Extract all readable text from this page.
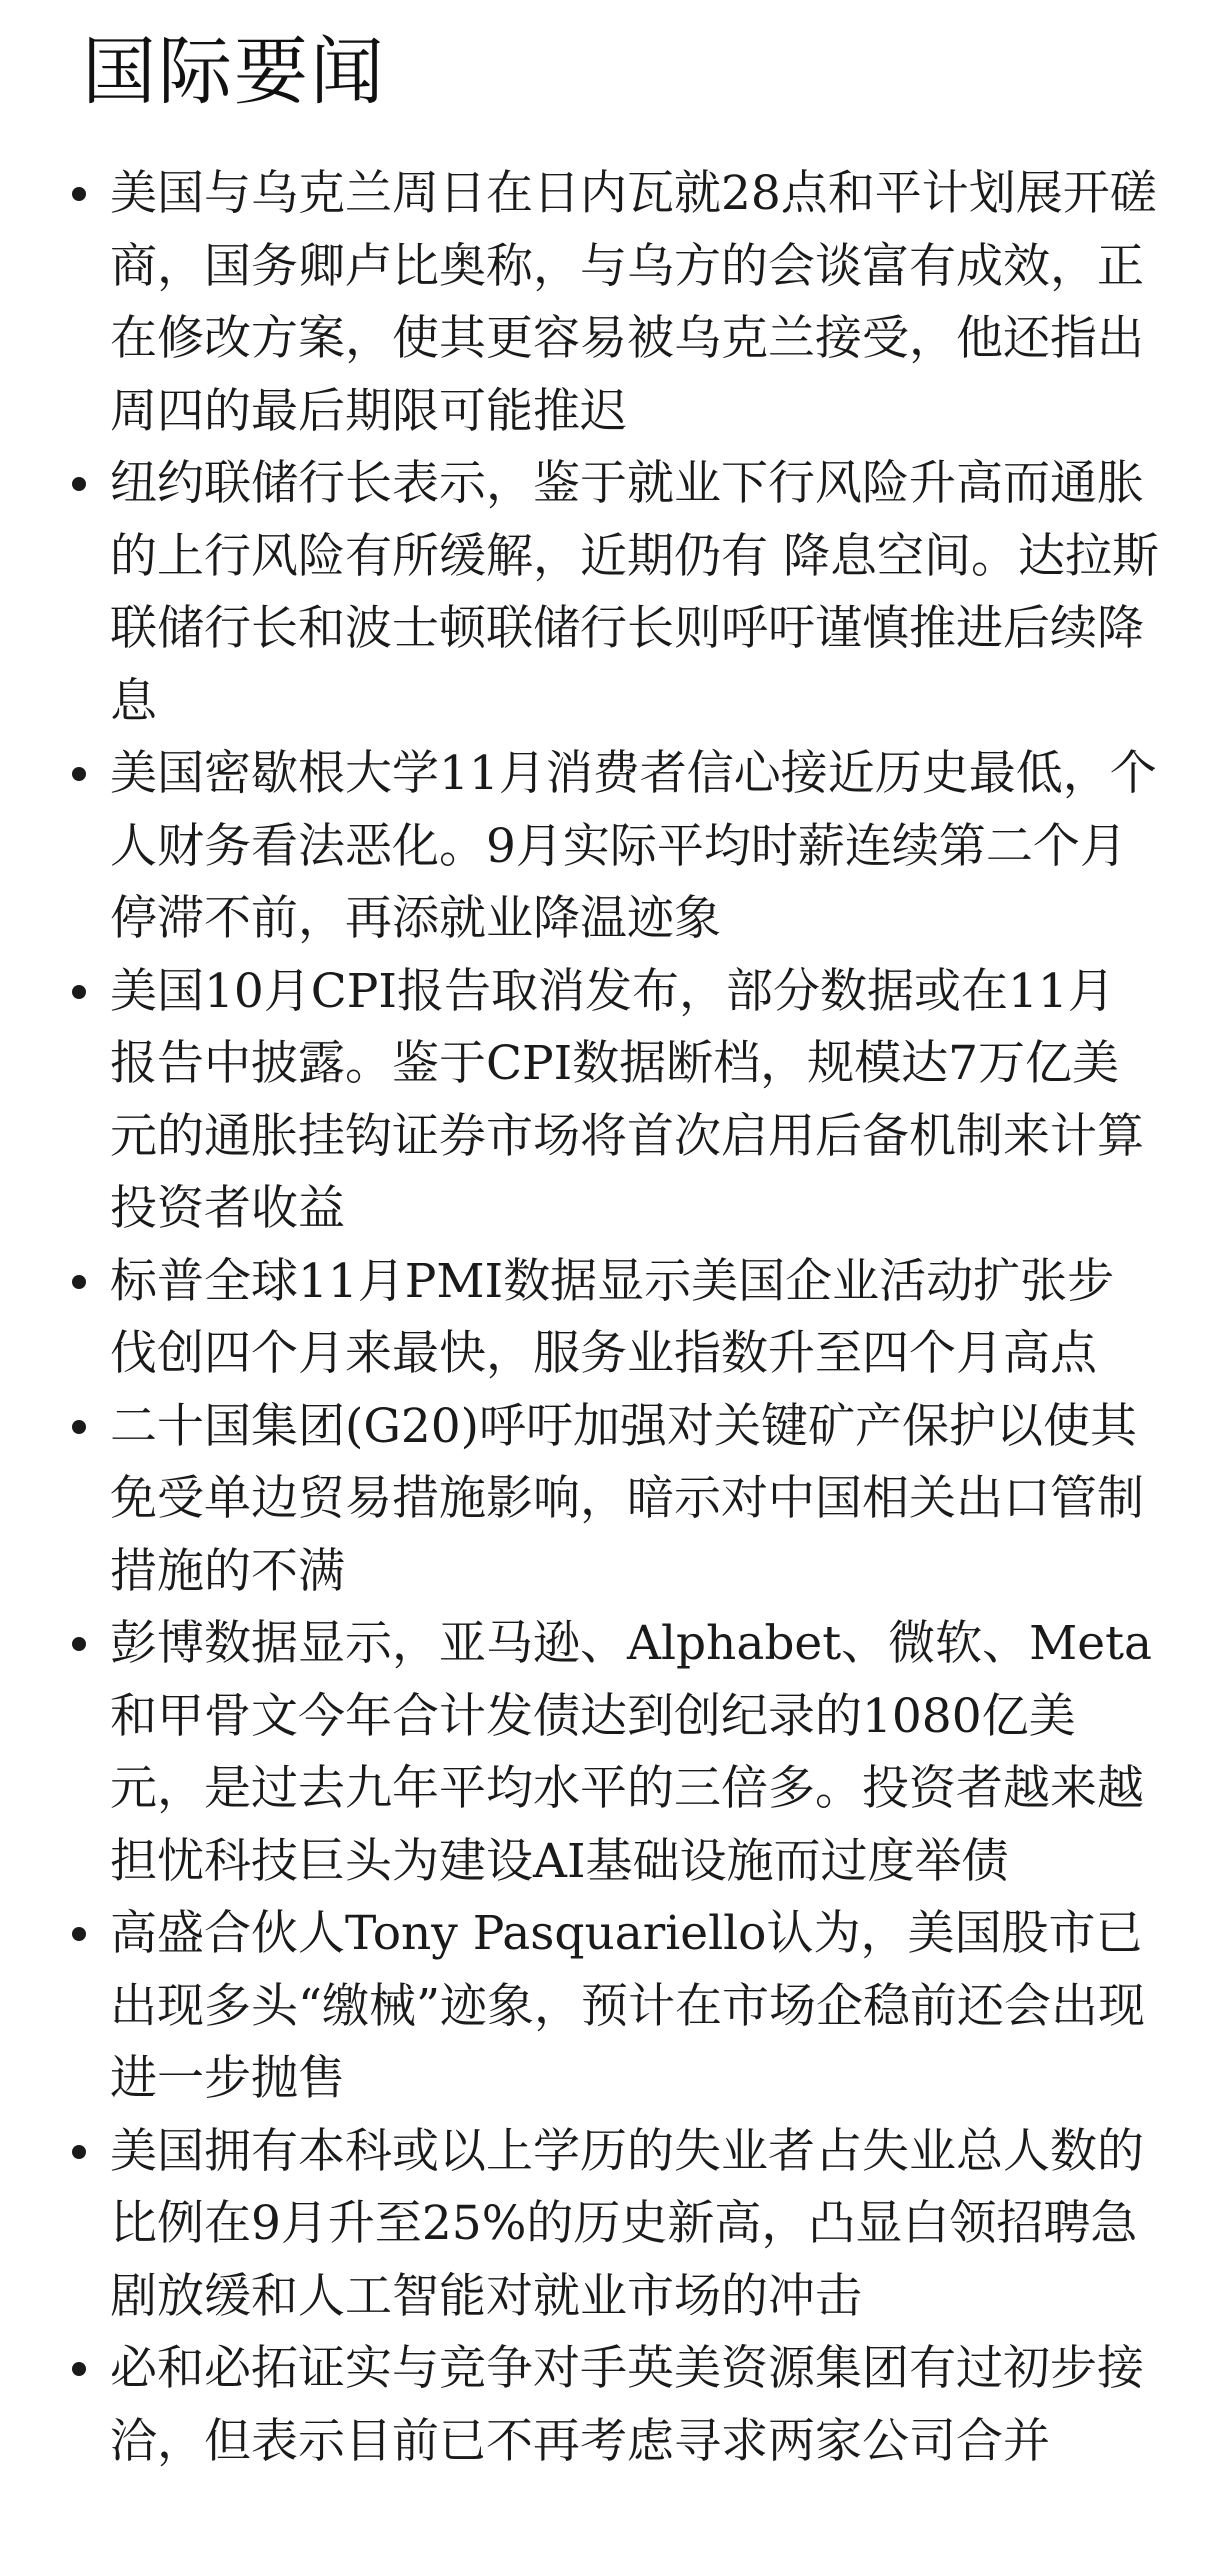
国际要闻
美国与乌克兰周日在日内瓦就28点和平计划展开磋商，国务卿卢比奥称，与乌方的会谈富有成效，正在修改方案，使其更容易被乌克兰接受，他还指出周四的最后期限可能推迟
纽约联储行长表示，鉴于就业下行风险升高而通胀的上行风险有所缓解，近期仍有 降息空间。达拉斯联储行长和波士顿联储行长则呼吁谨慎推进后续降息
美国密歇根大学11月消费者信心接近历史最低，个人财务看法恶化。9月实际平均时薪连续第二个月停滞不前，再添就业降温迹象
美国10月CPI报告取消发布，部分数据或在11月报告中披露。鉴于CPI数据断档，规模达7万亿美元的通胀挂钩证券市场将首次启用后备机制来计算投资者收益
标普全球11月PMI数据显示美国企业活动扩张步伐创四个月来最快，服务业指数升至四个月高点
二十国集团(G20)呼吁加强对关键矿产保护以使其免受单边贸易措施影响，暗示对中国相关出口管制措施的不满
彭博数据显示，亚马逊、Alphabet、微软、Meta和甲骨文今年合计发债达到创纪录的1080亿美元，是过去九年平均水平的三倍多。投资者越来越担忧科技巨头为建设AI基础设施而过度举债
高盛合伙人Tony Pasquariello认为，美国股市已出现多头“缴械”迹象，预计在市场企稳前还会出现进一步抛售
美国拥有本科或以上学历的失业者占失业总人数的比例在9月升至25%的历史新高，凸显白领招聘急剧放缓和人工智能对就业市场的冲击
必和必拓证实与竞争对手英美资源集团有过初步接洽，但表示目前已不再考虑寻求两家公司合并
